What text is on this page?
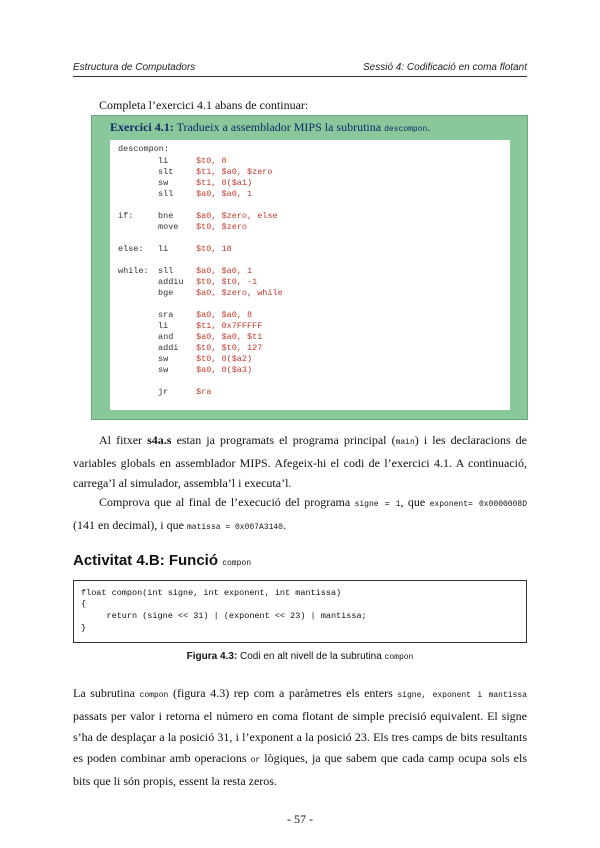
Estructura de Computadors	Sessió 4: Codificació en coma flotant
Completa l’exercici 4.1 abans de continuar:
Exercici 4.1: Tradueix a assemblador MIPS la subrutina descompon.
descompon:
li	$t0, 0
slt	$t1, $a0, $zero
sw	$t1, 0($a1)
sll	$a0, $a0, 1
if:	bne	$a0, $zero, else
move $t0, $zero
else: li	$t0, 18
while: sll	$a0, $a0, 1
addiu $t0, $t0, -1
bge	$a0, $zero, while
sra	$a0, $a0, 8
li	$t1, 0x7FFFFF
and	$a0, $a0, $t1
addi $t0, $t0, 127
sw	$t0, 0($a2)
sw	$a0, 0($a3)
jr	$ra
Al fitxer s4a.s estan ja programats el programa principal (main) i les declaracions de variables globals en assemblador MIPS. Afegeix-hi el codi de l’exercici 4.1. A continuació, carrega’l al simulador, assembla’l i executa’l.
Comprova que al final de l’execució del programa signe = 1, que exponent= 0x0000008D (141 en decimal), i que matissa = 0x007A3140.
Activitat 4.B: Funció compon
float compon(int signe, int exponent, int mantissa)
{
return (signe << 31) | (exponent << 23) | mantissa;
}
Figura 4.3: Codi en alt nivell de la subrutina compon
La subrutina compon (figura 4.3) rep com a paràmetres els enters signe, exponent i mantissa passats per valor i retorna el número en coma flotant de simple precisió equivalent. El signe s’ha de desplaçar a la posició 31, i l’exponent a la posició 23. Els tres camps de bits resultants es poden combinar amb operacions or lògiques, ja que sabem que cada camp ocupa sols els bits que li són propis, essent la resta zeros.
- 57 -
